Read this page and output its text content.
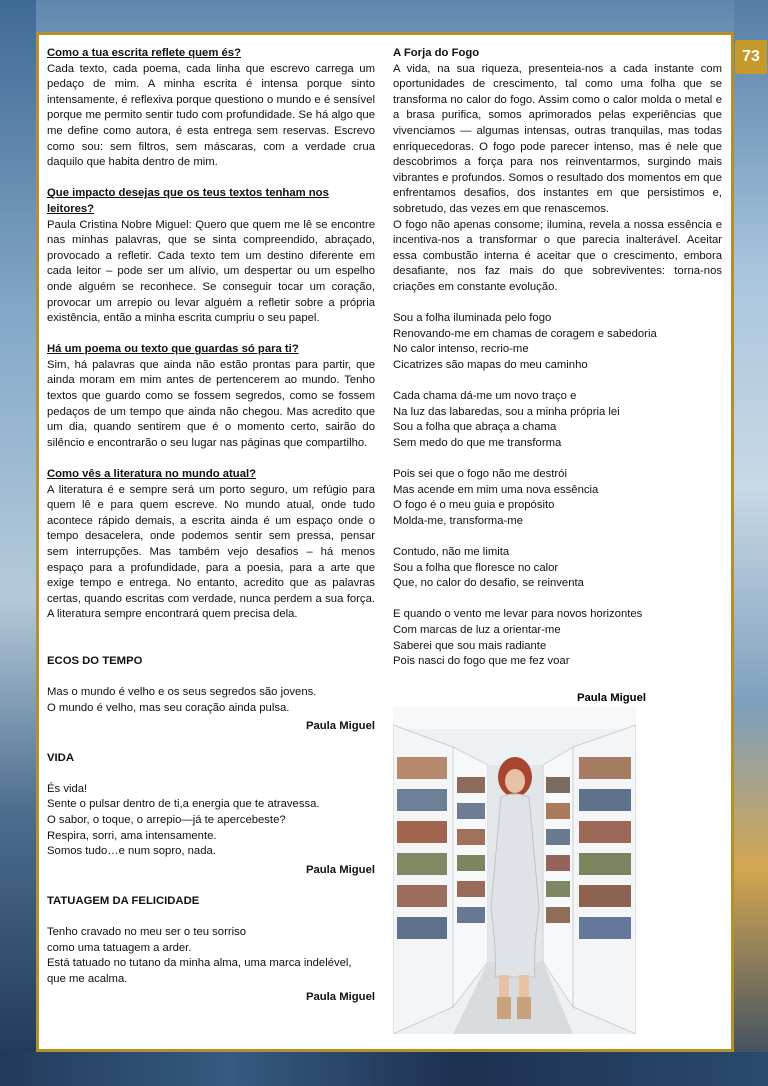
73

Como a tua escrita reflete quem és?

Cada texto, cada poema, cada linha que escrevo carrega um pedaço de mim. A minha escrita é intensa porque sinto intensamente, é reflexiva porque questiono o mundo e é sensível porque me permito sentir tudo com profundidade. Se há algo que me define como autora, é esta entrega sem reservas. Escrevo como sou: sem filtros, sem máscaras, com a verdade crua daquilo que habita dentro de mim.

Que impacto desejas que os teus textos tenham nos leitores?

Paula Cristina Nobre Miguel: Quero que quem me lê se encontre nas minhas palavras, que se sinta compreendido, abraçado, provocado a refletir. Cada texto tem um destino diferente em cada leitor – pode ser um alívio, um despertar ou um espelho onde alguém se reconhece. Se conseguir tocar um coração, provocar um arrepio ou levar alguém a refletir sobre a própria existência, então a minha escrita cumpriu o seu papel.

Há um poema ou texto que guardas só para ti?

Sim, há palavras que ainda não estão prontas para partir, que ainda moram em mim antes de pertencerem ao mundo. Tenho textos que guardo como se fossem segredos, como se fossem pedaços de um tempo que ainda não chegou. Mas acredito que um dia, quando sentirem que é o momento certo, sairão do silêncio e encontrarão o seu lugar nas páginas que compartilho.

Como vês a literatura no mundo atual?

A literatura é e sempre será um porto seguro, um refúgio para quem lê e para quem escreve. No mundo atual, onde tudo acontece rápido demais, a escrita ainda é um espaço onde o tempo desacelera, onde podemos sentir sem pressa, pensar sem interrupções. Mas também vejo desafios – há menos espaço para a profundidade, para a poesia, para a arte que exige tempo e entrega. No entanto, acredito que as palavras certas, quando escritas com verdade, nunca perdem a sua força. A literatura sempre encontrará quem precisa dela.

ECOS DO TEMPO

Mas o mundo é velho e os seus segredos são jovens.

O mundo é velho, mas seu coração ainda pulsa.

Paula Miguel

VIDA

És vida!

Sente o pulsar dentro de ti,a energia que te atravessa.

O sabor, o toque, o arrepio—já te apercebeste?

Respira, sorri, ama intensamente.

Somos tudo…e num sopro, nada.

Paula Miguel

TATUAGEM DA FELICIDADE

Tenho cravado no meu ser o teu sorriso

como uma tatuagem a arder.

Está tatuado no tutano da minha alma, uma marca indelével,

que me acalma.

Paula Miguel

A Forja do Fogo

A vida, na sua riqueza, presenteia-nos a cada instante com oportunidades de crescimento, tal como uma folha que se transforma no calor do fogo. Assim como o calor molda o metal e a brasa purifica, somos aprimorados pelas experiências que vivenciamos — algumas intensas, outras tranquilas, mas todas enriquecedoras. O fogo pode parecer intenso, mas é nele que descobrimos a força para nos reinventarmos, surgindo mais vibrantes e profundos. Somos o resultado dos momentos em que enfrentamos desafios, dos instantes em que persistimos e, sobretudo, das vezes em que renascemos.

O fogo não apenas consome; ilumina, revela a nossa essência e incentiva-nos a transformar o que parecia inalterável. Aceitar essa combustão interna é aceitar que o crescimento, embora desafiante, nos faz mais do que sobreviventes: torna-nos criações em constante evolução.

Sou a folha iluminada pelo fogo

Renovando-me em chamas de coragem e sabedoria

No calor intenso, recrio-me

Cicatrizes são mapas do meu caminho

Cada chama dá-me um novo traço e

Na luz das labaredas, sou a minha própria lei

Sou a folha que abraça a chama

Sem medo do que me transforma

Pois sei que o fogo não me destrói

Mas acende em mim uma nova essência

O fogo é o meu guia e propósito

Molda-me, transforma-me

Contudo, não me limita

Sou a folha que floresce no calor

Que, no calor do desafio, se reinventa

E quando o vento me levar para novos horizontes

Com marcas de luz a orientar-me

Saberei que sou mais radiante

Pois nasci do fogo que me fez voar

Paula Miguel
